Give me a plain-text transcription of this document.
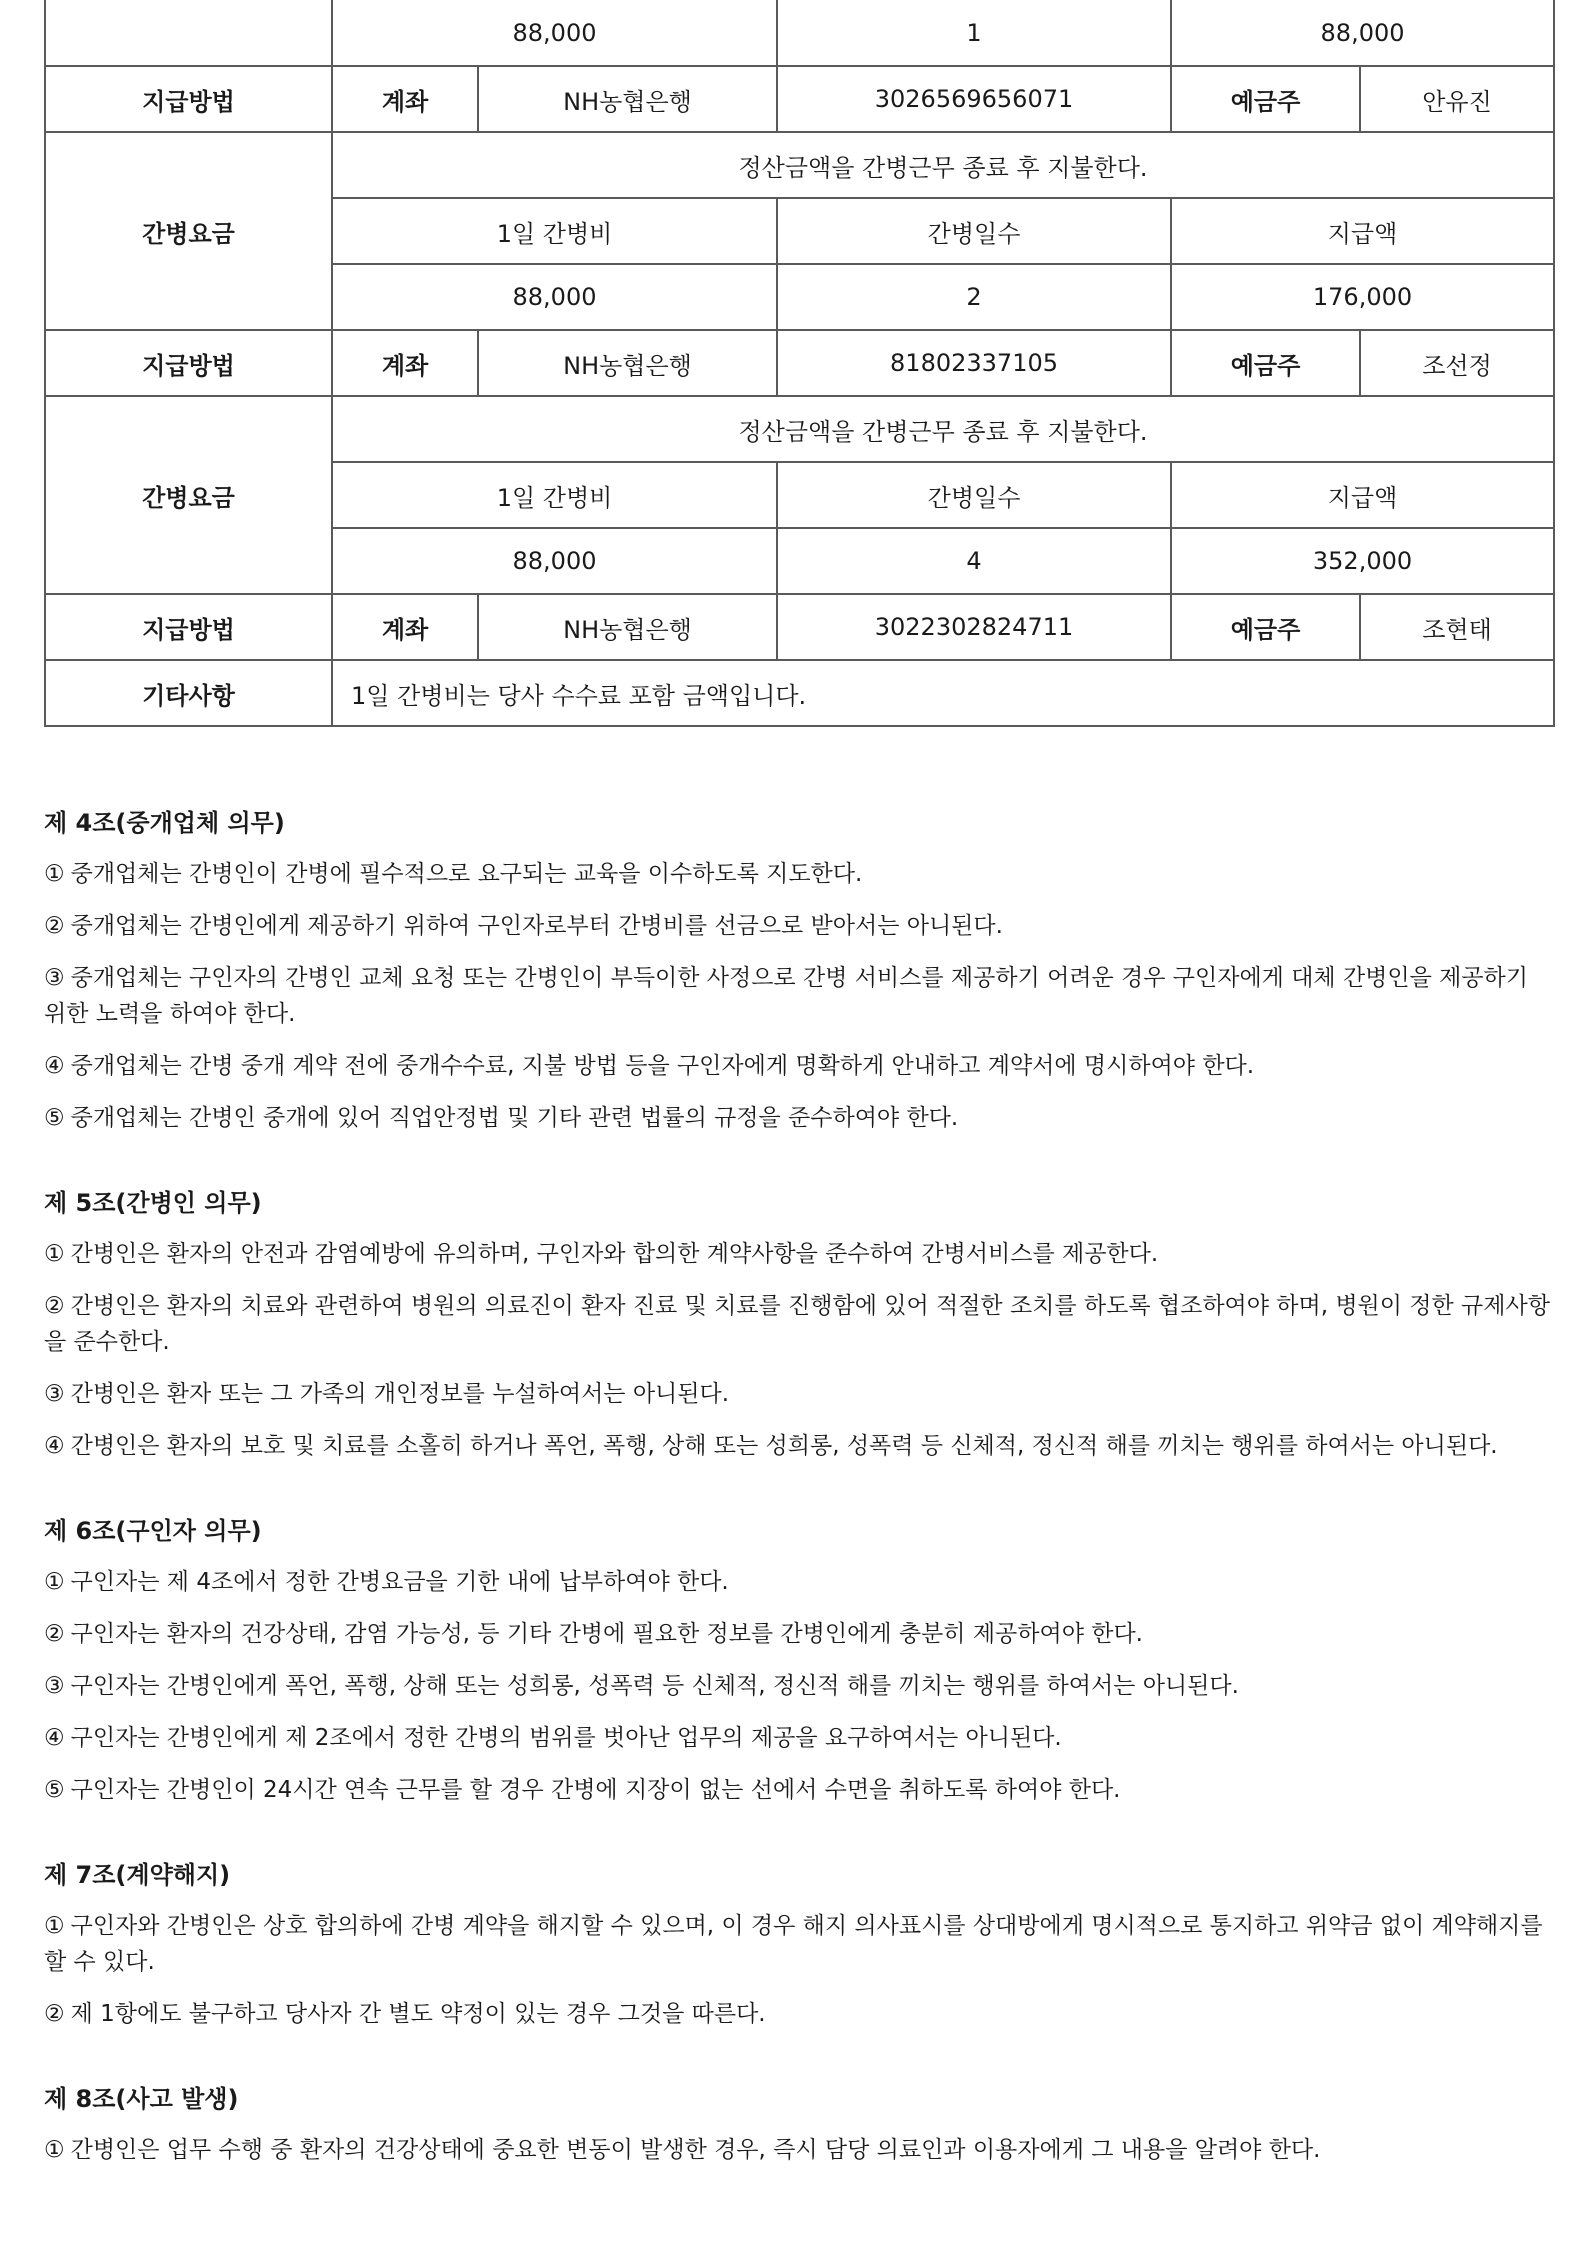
	88,000		1	88,000	
지급방법	계좌	NH농협은행	3026569656071	예금주	안유진
간병요금	정산금액을 간병근무 종료 후 지불한다.				
	1일 간병비		간병일수	지급액	
	88,000		2	176,000	
지급방법	계좌	NH농협은행	81802337105	예금주	조선정
간병요금	정산금액을 간병근무 종료 후 지불한다.				
	1일 간병비		간병일수	지급액	
	88,000		4	352,000	
지급방법	계좌	NH농협은행	3022302824711	예금주	조현태
기타사항	1일 간병비는 당사 수수료 포함 금액입니다.				
제 4조(중개업체 의무)
① 중개업체는 간병인이 간병에 필수적으로 요구되는 교육을 이수하도록 지도한다.
② 중개업체는 간병인에게 제공하기 위하여 구인자로부터 간병비를 선금으로 받아서는 아니된다.
③ 중개업체는 구인자의 간병인 교체 요청 또는 간병인이 부득이한 사정으로 간병 서비스를 제공하기 어려운 경우 구인자에게 대체 간병인을 제공하기 위한 노력을 하여야 한다.
④ 중개업체는 간병 중개 계약 전에 중개수수료, 지불 방법 등을 구인자에게 명확하게 안내하고 계약서에 명시하여야 한다.
⑤ 중개업체는 간병인 중개에 있어 직업안정법 및 기타 관련 법률의 규정을 준수하여야 한다.
제 5조(간병인 의무)
① 간병인은 환자의 안전과 감염예방에 유의하며, 구인자와 합의한 계약사항을 준수하여 간병서비스를 제공한다.
② 간병인은 환자의 치료와 관련하여 병원의 의료진이 환자 진료 및 치료를 진행함에 있어 적절한 조치를 하도록 협조하여야 하며, 병원이 정한 규제사항을 준수한다.
③ 간병인은 환자 또는 그 가족의 개인정보를 누설하여서는 아니된다.
④ 간병인은 환자의 보호 및 치료를 소홀히 하거나 폭언, 폭행, 상해 또는 성희롱, 성폭력 등 신체적, 정신적 해를 끼치는 행위를 하여서는 아니된다.
제 6조(구인자 의무)
① 구인자는 제 4조에서 정한 간병요금을 기한 내에 납부하여야 한다.
② 구인자는 환자의 건강상태, 감염 가능성, 등 기타 간병에 필요한 정보를 간병인에게 충분히 제공하여야 한다.
③ 구인자는 간병인에게 폭언, 폭행, 상해 또는 성희롱, 성폭력 등 신체적, 정신적 해를 끼치는 행위를 하여서는 아니된다.
④ 구인자는 간병인에게 제 2조에서 정한 간병의 범위를 벗아난 업무의 제공을 요구하여서는 아니된다.
⑤ 구인자는 간병인이 24시간 연속 근무를 할 경우 간병에 지장이 없는 선에서 수면을 취하도록 하여야 한다.
제 7조(계약해지)
① 구인자와 간병인은 상호 합의하에 간병 계약을 해지할 수 있으며, 이 경우 해지 의사표시를 상대방에게 명시적으로 통지하고 위약금 없이 계약해지를 할 수 있다.
② 제 1항에도 불구하고 당사자 간 별도 약정이 있는 경우 그것을 따른다.
제 8조(사고 발생)
① 간병인은 업무 수행 중 환자의 건강상태에 중요한 변동이 발생한 경우, 즉시 담당 의료인과 이용자에게 그 내용을 알려야 한다.
